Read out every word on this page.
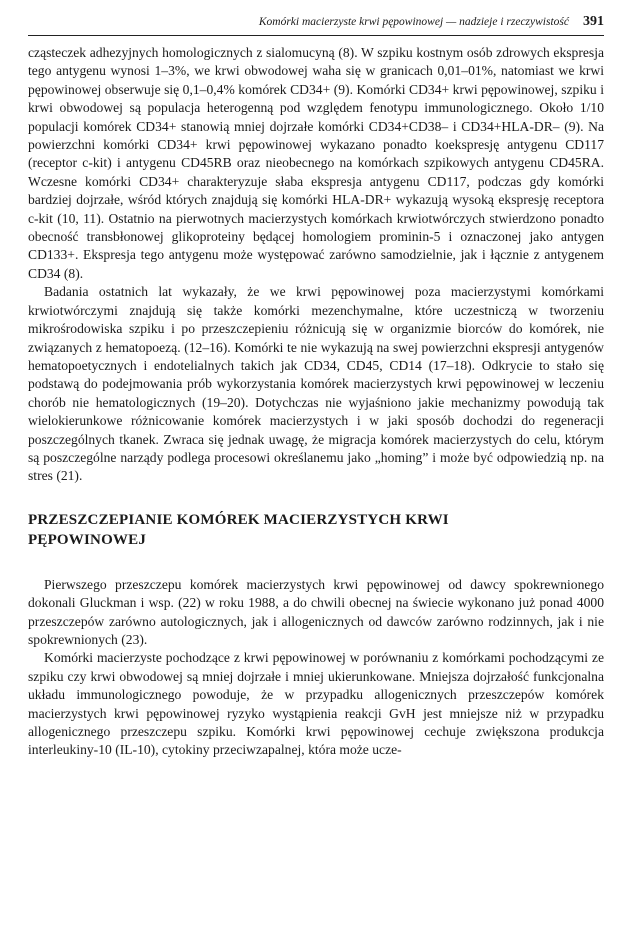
Komórki macierzyste krwi pępowinowej — nadzieje i rzeczywistość 391

cząsteczek adhezyjnych homologicznych z sialomucyną (8). W szpiku kostnym osób zdrowych ekspresja tego antygenu wynosi 1–3%, we krwi obwodowej waha się w granicach 0,01–01%, natomiast we krwi pępowinowej obserwuje się 0,1–0,4% komórek CD34+ (9). Komórki CD34+ krwi pępowinowej, szpiku i krwi obwodowej są populacja heterogenną pod względem fenotypu immunologicznego. Około 1/10 populacji komórek CD34+ stanowią mniej dojrzałe komórki CD34+CD38– i CD34+HLA-DR– (9). Na powierzchni komórki CD34+ krwi pępowinowej wykazano ponadto koekspresję antygenu CD117 (receptor c-kit) i antygenu CD45RB oraz nieobecnego na komórkach szpikowych antygenu CD45RA. Wczesne komórki CD34+ charakteryzuje słaba ekspresja antygenu CD117, podczas gdy komórki bardziej dojrzałe, wśród których znajdują się komórki HLA-DR+ wykazują wysoką ekspresję receptora c-kit (10, 11). Ostatnio na pierwotnych macierzystych komórkach krwiotwórczych stwierdzono ponadto obecność transbłonowej glikoproteiny będącej homologiem prominin-5 i oznaczonej jako antygen CD133+. Ekspresja tego antygenu może występować zarówno samodzielnie, jak i łącznie z antygenem CD34 (8).

Badania ostatnich lat wykazały, że we krwi pępowinowej poza macierzystymi komórkami krwiotwórczymi znajdują się także komórki mezenchymalne, które uczestniczą w tworzeniu mikrośrodowiska szpiku i po przeszczepieniu różnicują się w organizmie biorców do komórek, nie związanych z hematopoezą. (12–16). Komórki te nie wykazują na swej powierzchni ekspresji antygenów hematopoetycznych i endotelialnych takich jak CD34, CD45, CD14 (17–18). Odkrycie to stało się podstawą do podejmowania prób wykorzystania komórek macierzystych krwi pępowinowej w leczeniu chorób nie hematologicznych (19–20). Dotychczas nie wyjaśniono jakie mechanizmy powodują tak wielokierunkowe różnicowanie komórek macierzystych i w jaki sposób dochodzi do regeneracji poszczególnych tkanek. Zwraca się jednak uwagę, że migracja komórek macierzystych do celu, którym są poszczególne narządy podlega procesowi określanemu jako „homing” i może być odpowiedzią np. na stres (21).

PRZESZCZEPIANIE KOMÓREK MACIERZYSTYCH KRWI PĘPOWINOWEJ

Pierwszego przeszczepu komórek macierzystych krwi pępowinowej od dawcy spokrewnionego dokonali Gluckman i wsp. (22) w roku 1988, a do chwili obecnej na świecie wykonano już ponad 4000 przeszczepów zarówno autologicznych, jak i allogenicznych od dawców zarówno rodzinnych, jak i nie spokrewnionych (23).

Komórki macierzyste pochodzące z krwi pępowinowej w porównaniu z komórkami pochodzącymi ze szpiku czy krwi obwodowej są mniej dojrzałe i mniej ukierunkowane. Mniejsza dojrzałość funkcjonalna układu immunologicznego powoduje, że w przypadku allogenicznych przeszczepów komórek macierzystych krwi pępowinowej ryzyko wystąpienia reakcji GvH jest mniejsze niż w przypadku allogenicznego przeszczepu szpiku. Komórki krwi pępowinowej cechuje zwiększona produkcja interleukiny-10 (IL-10), cytokiny przeciwzapalnej, która może ucze-
